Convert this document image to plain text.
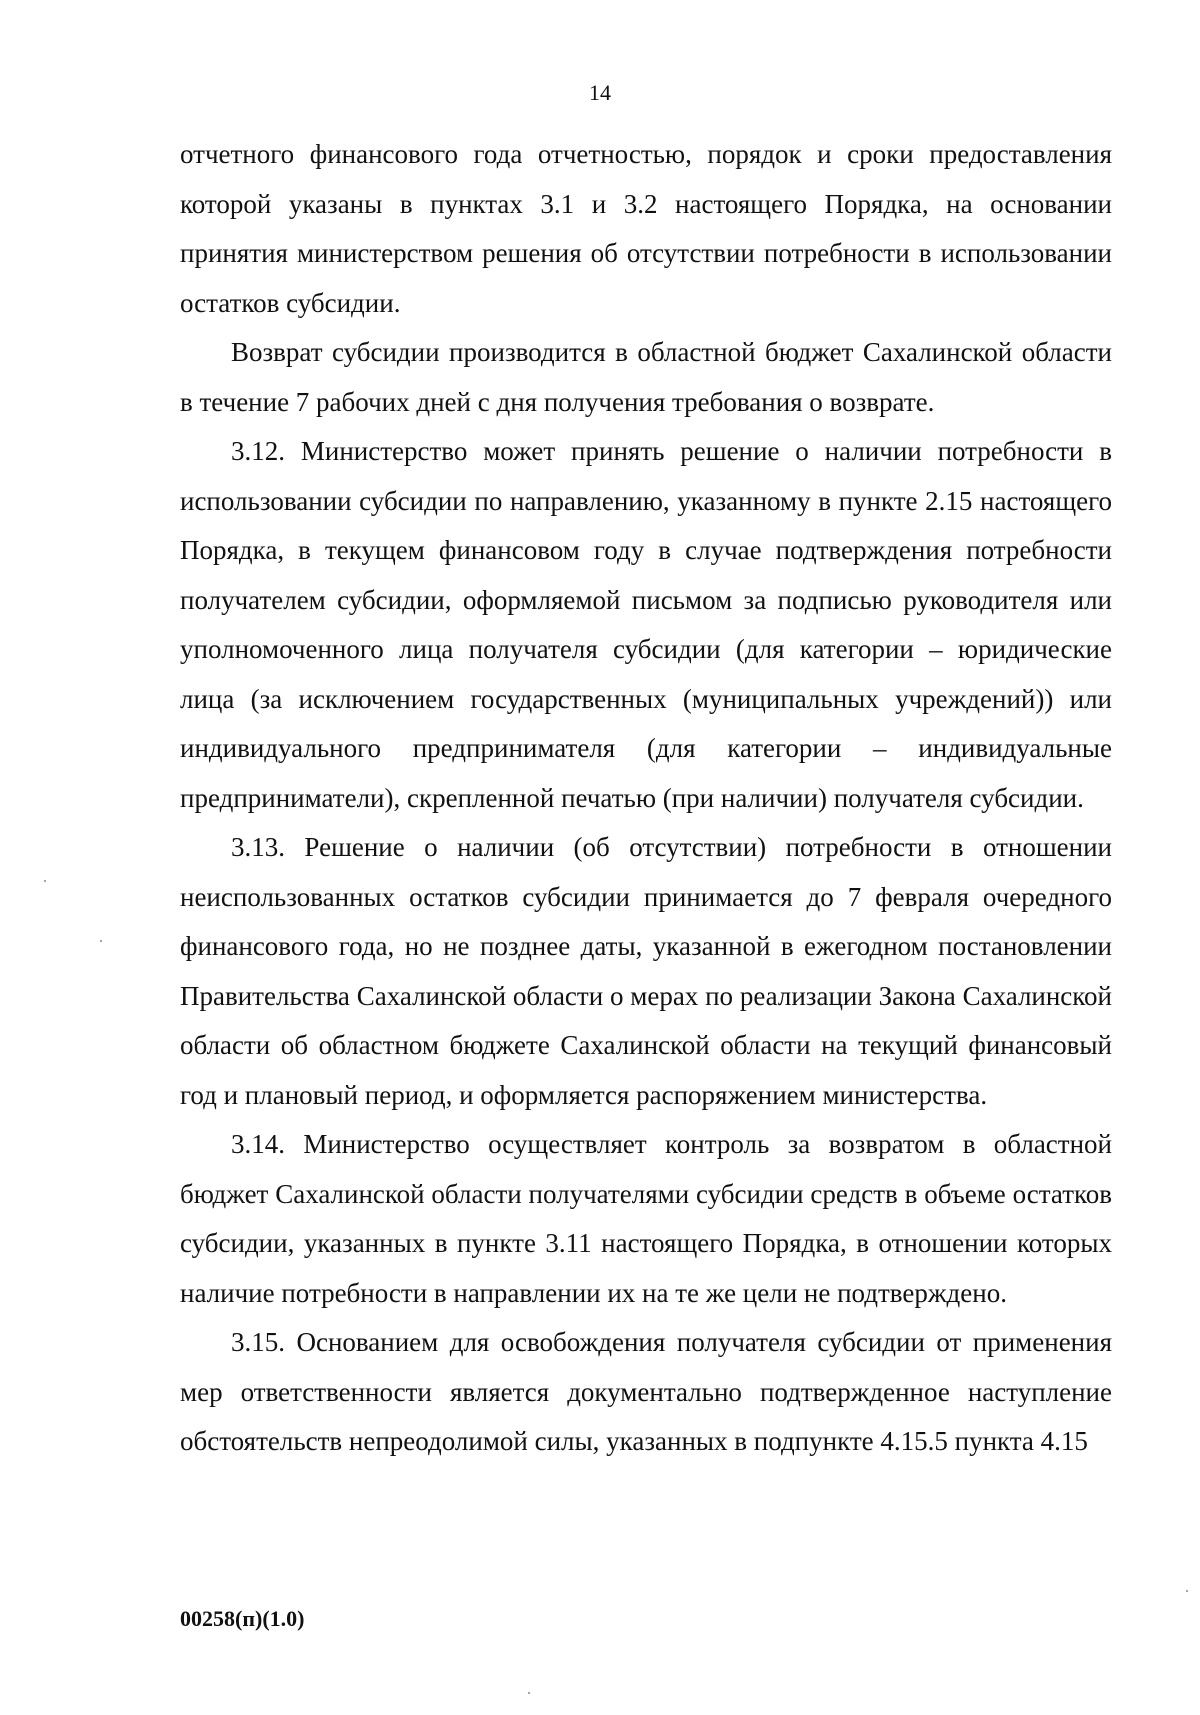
14

отчетного финансового года отчетностью, порядок и сроки предоставления которой указаны в пунктах 3.1 и 3.2 настоящего Порядка, на основании принятия министерством решения об отсутствии потребности в использовании остатков субсидии.

Возврат субсидии производится в областной бюджет Сахалинской области в течение 7 рабочих дней с дня получения требования о возврате.

3.12. Министерство может принять решение о наличии потребности в использовании субсидии по направлению, указанному в пункте 2.15 настоящего Порядка, в текущем финансовом году в случае подтверждения потребности получателем субсидии, оформляемой письмом за подписью руководителя или уполномоченного лица получателя субсидии (для категории – юридические лица (за исключением государственных (муниципальных учреждений)) или индивидуального предпринимателя (для категории – индивидуальные предприниматели), скрепленной печатью (при наличии) получателя субсидии.

3.13. Решение о наличии (об отсутствии) потребности в отношении неиспользованных остатков субсидии принимается до 7 февраля очередного финансового года, но не позднее даты, указанной в ежегодном постановлении Правительства Сахалинской области о мерах по реализации Закона Сахалинской области об областном бюджете Сахалинской области на текущий финансовый год и плановый период, и оформляется распоряжением министерства.

3.14. Министерство осуществляет контроль за возвратом в областной бюджет Сахалинской области получателями субсидии средств в объеме остатков субсидии, указанных в пункте 3.11 настоящего Порядка, в отношении которых наличие потребности в направлении их на те же цели не подтверждено.

3.15. Основанием для освобождения получателя субсидии от применения мер ответственности является документально подтвержденное наступление обстоятельств непреодолимой силы, указанных в подпункте 4.15.5 пункта 4.15

00258(п)(1.0)
